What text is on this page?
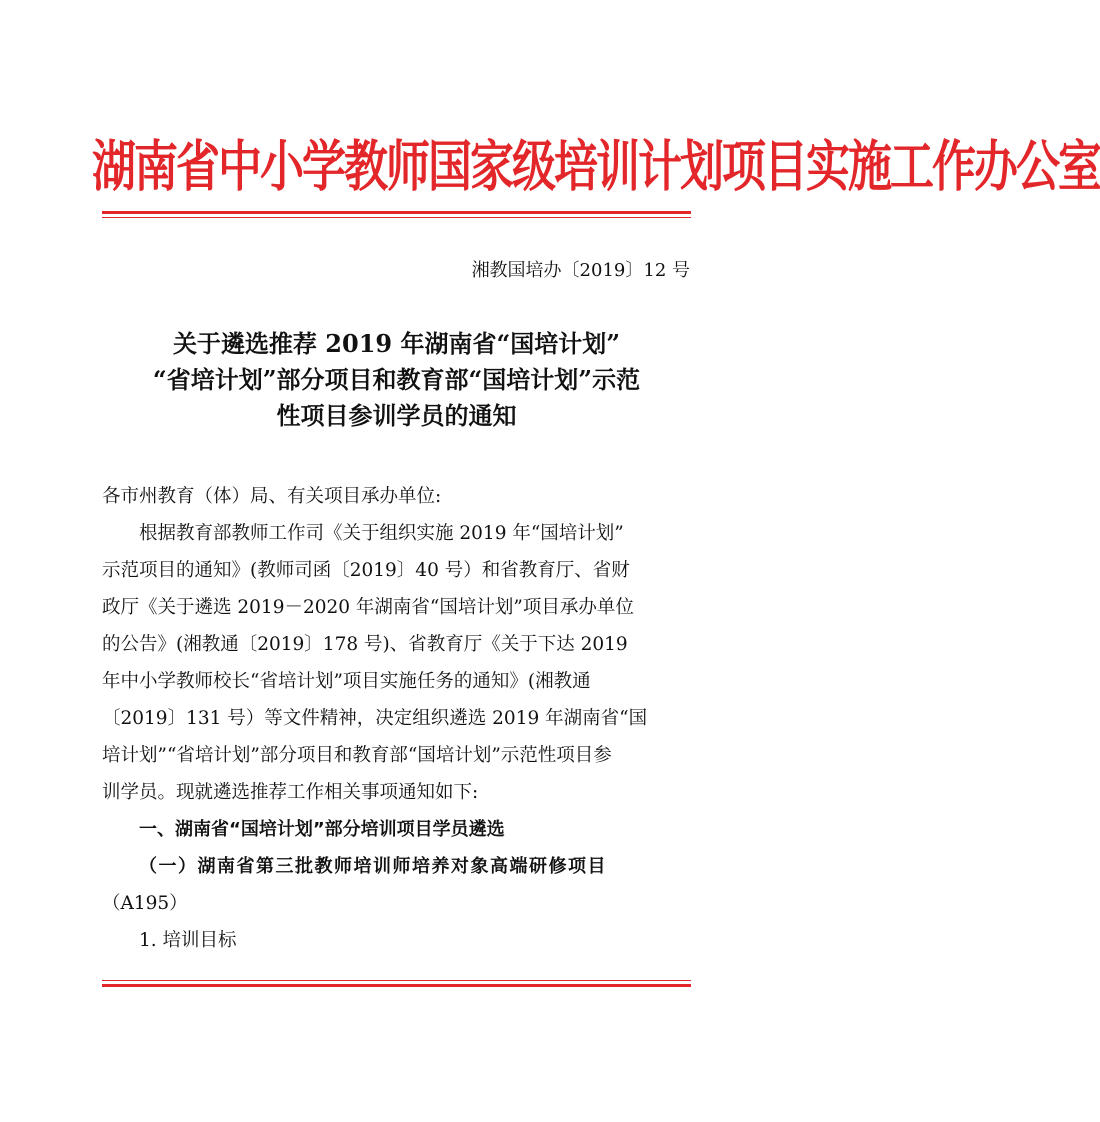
湖南省中小学教师国家级培训计划项目实施工作办公室
湘教国培办〔2019〕12 号
关于遴选推荐 2019 年湖南省“国培计划”
“省培计划”部分项目和教育部“国培计划”示范
性项目参训学员的通知
各市州教育（体）局、有关项目承办单位:
根据教育部教师工作司《关于组织实施 2019 年“国培计划”
示范项目的通知》(教师司函〔2019〕40 号）和省教育厅、省财
政厅《关于遴选 2019－2020 年湖南省“国培计划”项目承办单位
的公告》(湘教通〔2019〕178 号)、省教育厅《关于下达 2019
年中小学教师校长“省培计划”项目实施任务的通知》(湘教通
〔2019〕131 号）等文件精神，决定组织遴选 2019 年湖南省“国
培计划”“省培计划”部分项目和教育部“国培计划”示范性项目参
训学员。现就遴选推荐工作相关事项通知如下:
一、湖南省“国培计划”部分培训项目学员遴选
（一）湖南省第三批教师培训师培养对象高端研修项目
（A195）
1. 培训目标
